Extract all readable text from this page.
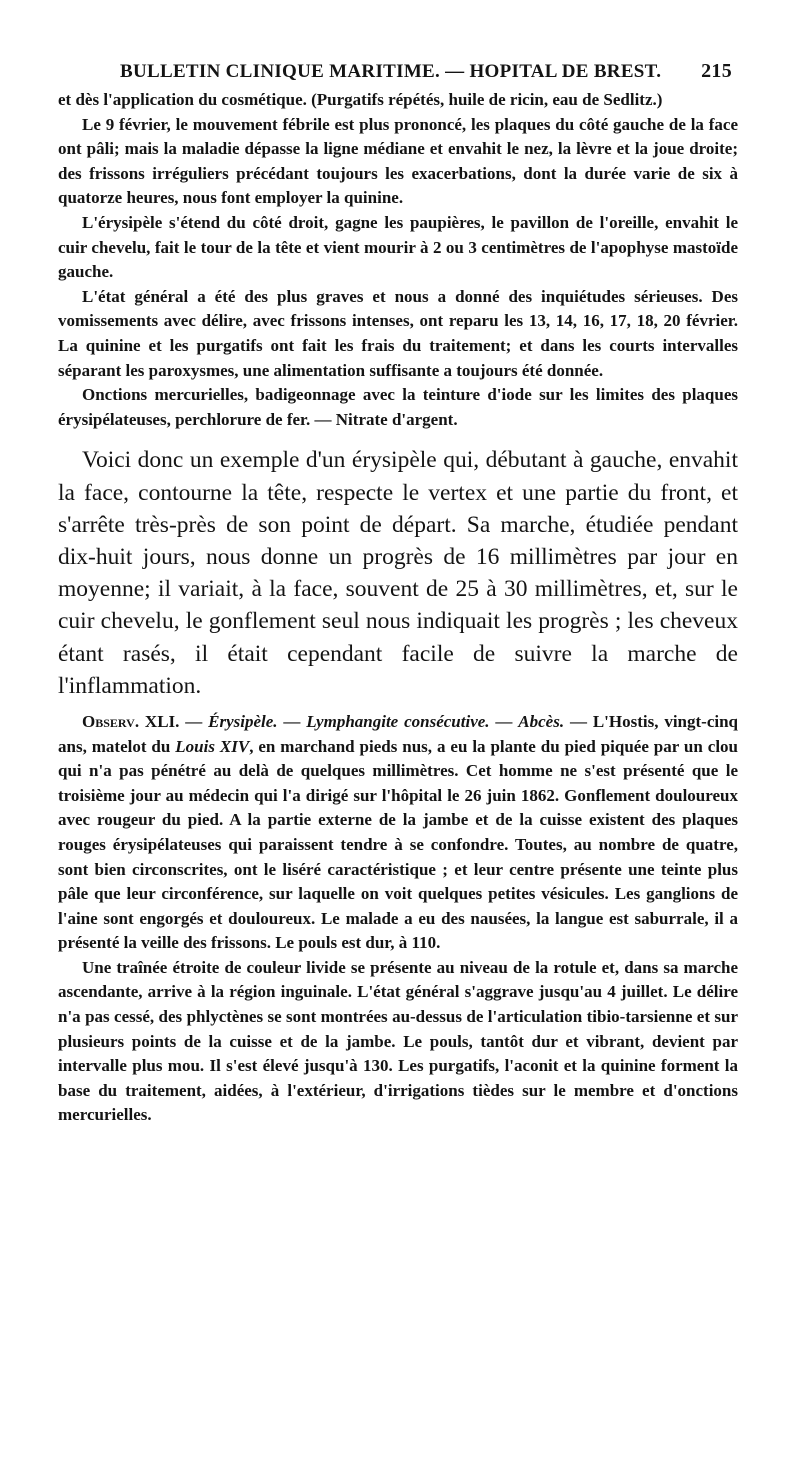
BULLETIN CLINIQUE MARITIME. — HOPITAL DE BREST. 215

et dès l'application du cosmétique. (Purgatifs répétés, huile de ricin, eau de Sedlitz.)

Le 9 février, le mouvement fébrile est plus prononcé, les plaques du côté gauche de la face ont pâli; mais la maladie dépasse la ligne médiane et envahit le nez, la lèvre et la joue droite; des frissons irréguliers précédant toujours les exacerbations, dont la durée varie de six à quatorze heures, nous font employer la quinine.

L'érysipèle s'étend du côté droit, gagne les paupières, le pavillon de l'oreille, envahit le cuir chevelu, fait le tour de la tête et vient mourir à 2 ou 3 centimètres de l'apophyse mastoïde gauche.

L'état général a été des plus graves et nous a donné des inquiétudes sérieuses. Des vomissements avec délire, avec frissons intenses, ont reparu les 13, 14, 16, 17, 18, 20 février. La quinine et les purgatifs ont fait les frais du traitement; et dans les courts intervalles séparant les paroxysmes, une alimentation suffisante a toujours été donnée.

Onctions mercurielles, badigeonnage avec la teinture d'iode sur les limites des plaques érysipélateuses, perchlorure de fer. — Nitrate d'argent.

Voici donc un exemple d'un érysipèle qui, débutant à gauche, envahit la face, contourne la tête, respecte le vertex et une partie du front, et s'arrête très-près de son point de départ. Sa marche, étudiée pendant dix-huit jours, nous donne un progrès de 16 millimètres par jour en moyenne; il variait, à la face, souvent de 25 à 30 millimètres, et, sur le cuir chevelu, le gonflement seul nous indiquait les progrès ; les cheveux étant rasés, il était cependant facile de suivre la marche de l'inflammation.

Observ. XLI. — Érysipèle. — Lymphangite consécutive. — Abcès. — L'Hostis, vingt-cinq ans, matelot du Louis XIV, en marchand pieds nus, a eu la plante du pied piquée par un clou qui n'a pas pénétré au delà de quelques millimètres. Cet homme ne s'est présenté que le troisième jour au médecin qui l'a dirigé sur l'hôpital le 26 juin 1862. Gonflement douloureux avec rougeur du pied. A la partie externe de la jambe et de la cuisse existent des plaques rouges érysipélateuses qui paraissent tendre à se confondre. Toutes, au nombre de quatre, sont bien circonscrites, ont le liséré caractéristique ; et leur centre présente une teinte plus pâle que leur circonférence, sur laquelle on voit quelques petites vésicules. Les ganglions de l'aine sont engorgés et douloureux. Le malade a eu des nausées, la langue est saburrale, il a présenté la veille des frissons. Le pouls est dur, à 110.

Une traînée étroite de couleur livide se présente au niveau de la rotule et, dans sa marche ascendante, arrive à la région inguinale. L'état général s'aggrave jusqu'au 4 juillet. Le délire n'a pas cessé, des phlyctènes se sont montrées au-dessus de l'articulation tibio-tarsienne et sur plusieurs points de la cuisse et de la jambe. Le pouls, tantôt dur et vibrant, devient par intervalle plus mou. Il s'est élevé jusqu'à 130. Les purgatifs, l'aconit et la quinine forment la base du traitement, aidées, à l'extérieur, d'irrigations tièdes sur le membre et d'onctions mercurielles.
